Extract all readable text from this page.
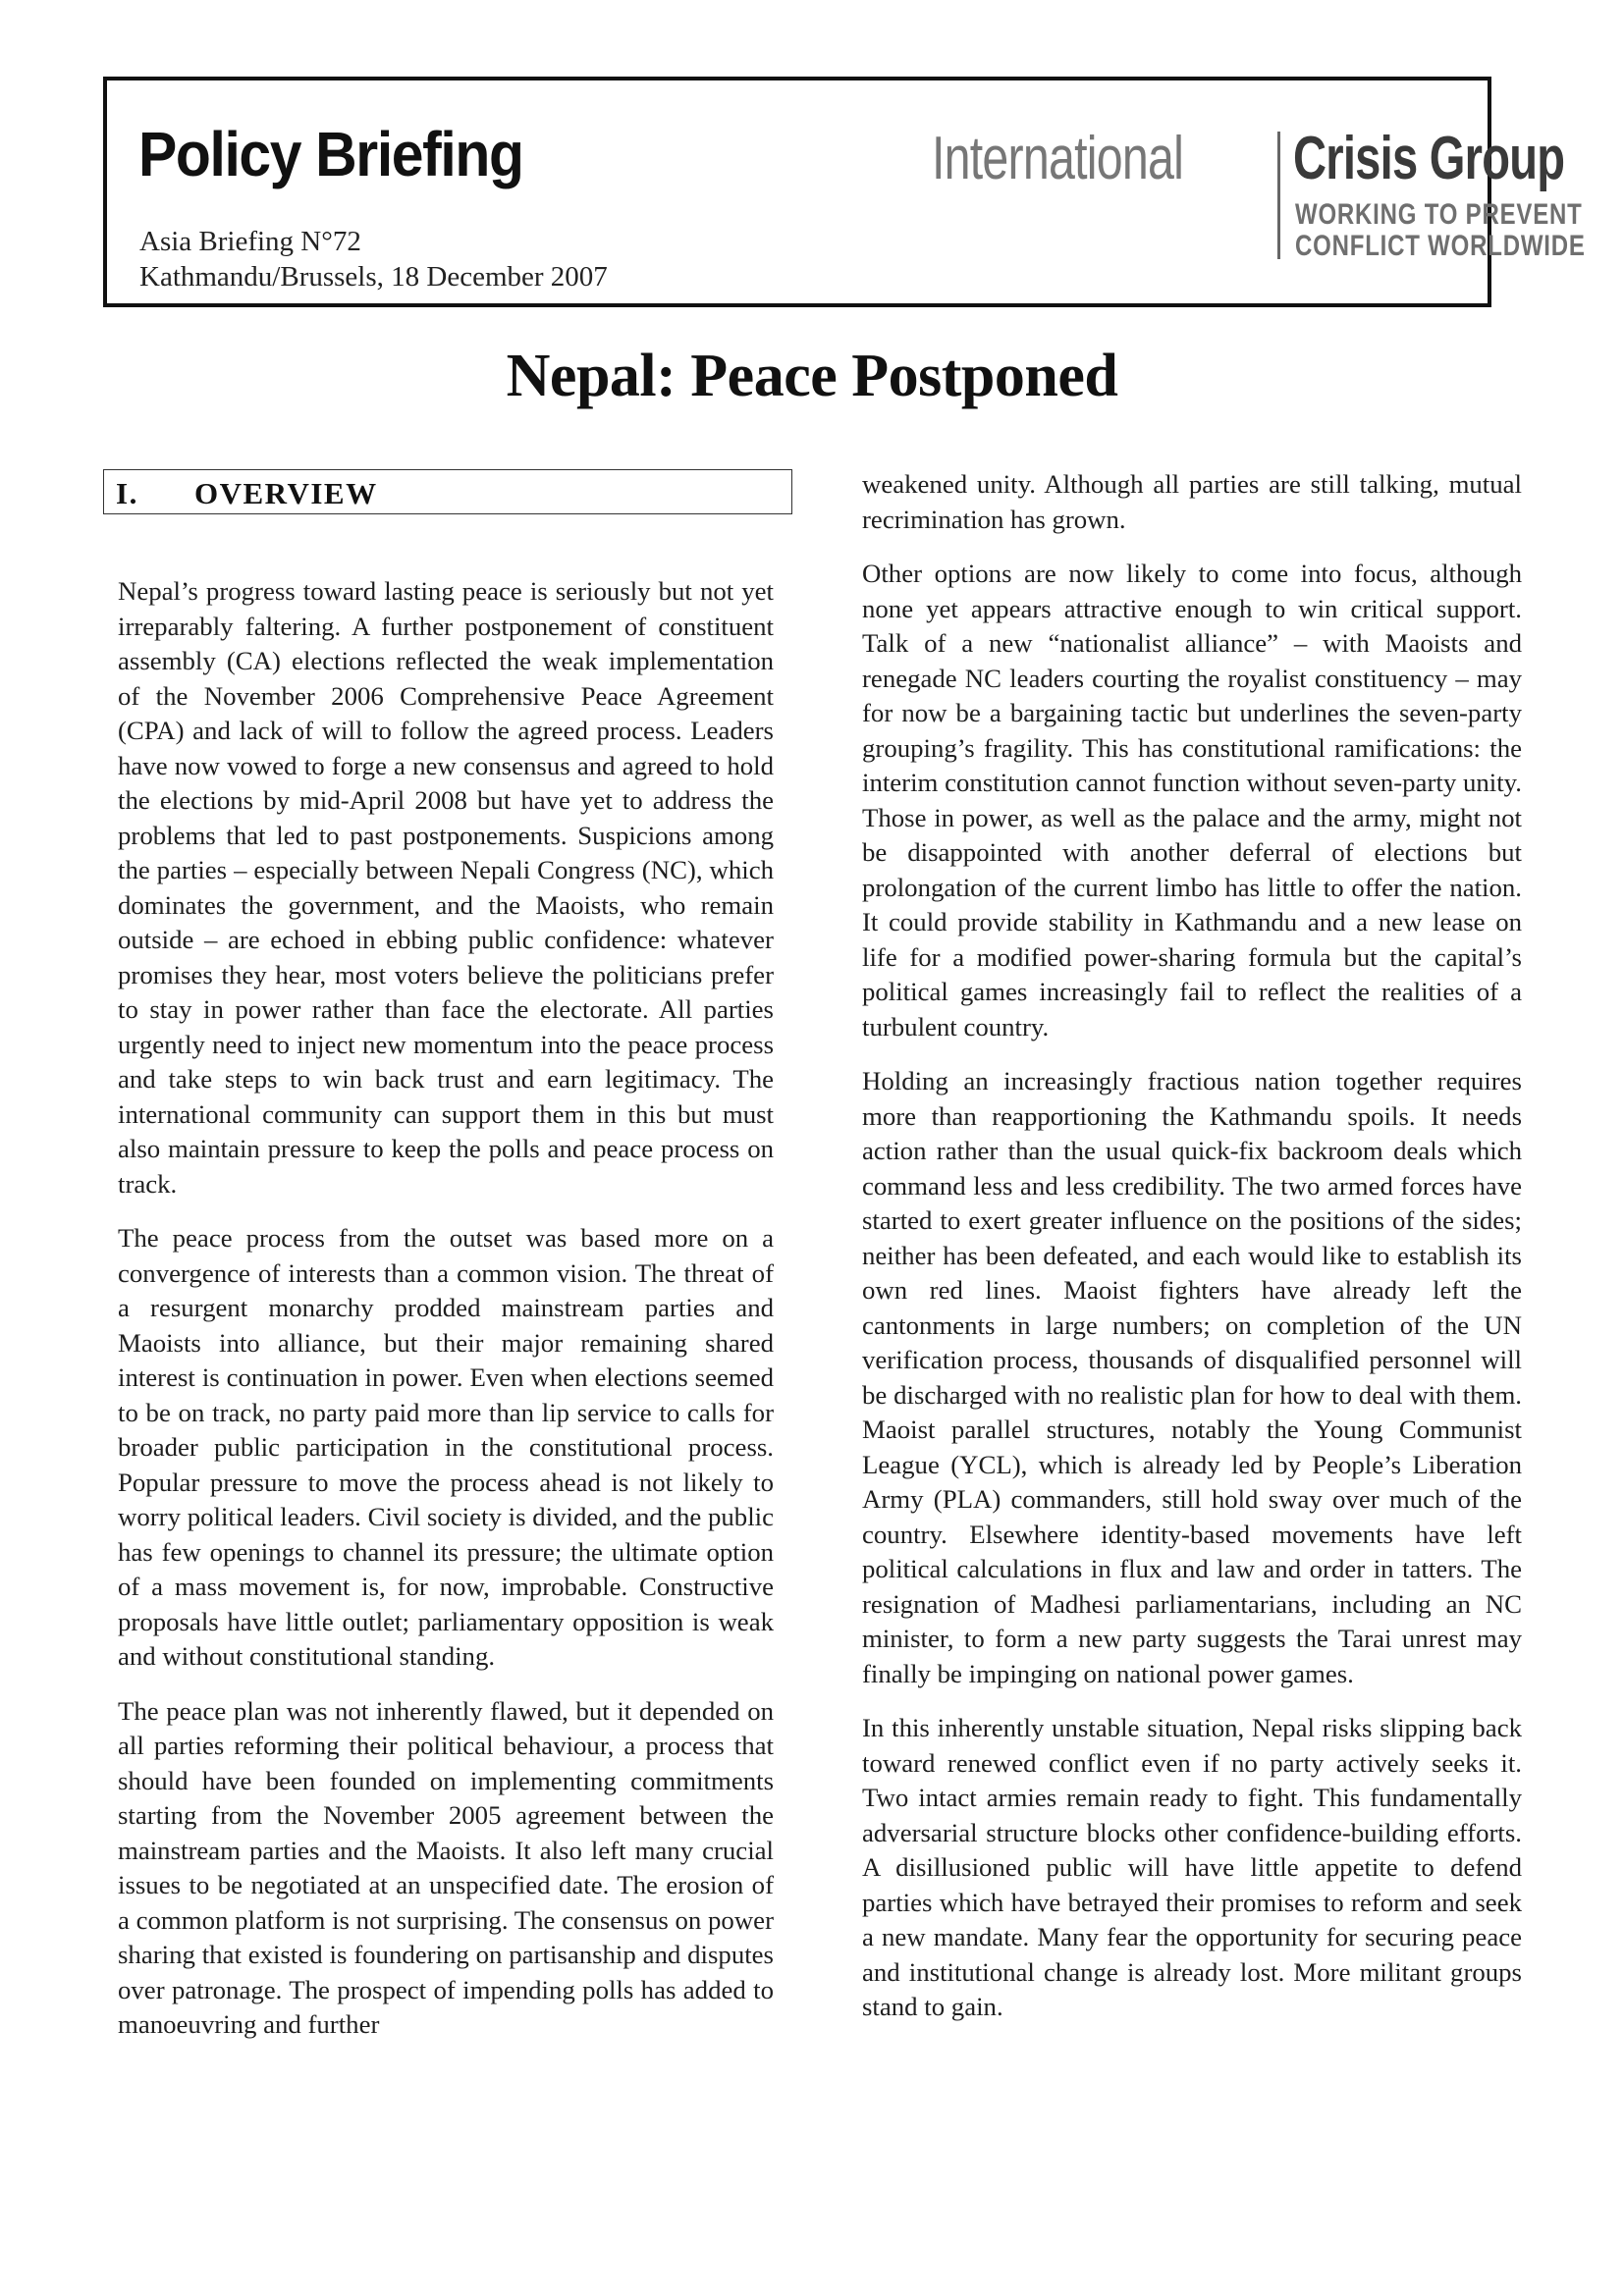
Policy Briefing
Asia Briefing N°72
Kathmandu/Brussels, 18 December 2007
International Crisis Group
WORKING TO PREVENT
CONFLICT WORLDWIDE
Nepal: Peace Postponed
I. OVERVIEW

Nepal’s progress toward lasting peace is seriously but not yet irreparably faltering. A further postponement of constituent assembly (CA) elections reflected the weak implementation of the November 2006 Comprehensive Peace Agreement (CPA) and lack of will to follow the agreed process. Leaders have now vowed to forge a new consensus and agreed to hold the elections by mid-April 2008 but have yet to address the problems that led to past postponements. Suspicions among the parties – especially between Nepali Congress (NC), which dominates the government, and the Maoists, who remain outside – are echoed in ebbing public confidence: whatever promises they hear, most voters believe the politicians prefer to stay in power rather than face the electorate. All parties urgently need to inject new momentum into the peace process and take steps to win back trust and earn legitimacy. The international community can support them in this but must also maintain pressure to keep the polls and peace process on track.

The peace process from the outset was based more on a convergence of interests than a common vision. The threat of a resurgent monarchy prodded mainstream parties and Maoists into alliance, but their major remaining shared interest is continuation in power. Even when elections seemed to be on track, no party paid more than lip service to calls for broader public participation in the constitutional process. Popular pressure to move the process ahead is not likely to worry political leaders. Civil society is divided, and the public has few openings to channel its pressure; the ultimate option of a mass movement is, for now, improbable. Constructive proposals have little outlet; parliamentary opposition is weak and without constitutional standing.

The peace plan was not inherently flawed, but it depended on all parties reforming their political behaviour, a process that should have been founded on implementing commitments starting from the November 2005 agreement between the mainstream parties and the Maoists. It also left many crucial issues to be negotiated at an unspecified date. The erosion of a common platform is not surprising. The consensus on power sharing that existed is foundering on partisanship and disputes over patronage. The prospect of impending polls has added to manoeuvring and further

weakened unity. Although all parties are still talking, mutual recrimination has grown.

Other options are now likely to come into focus, although none yet appears attractive enough to win critical support. Talk of a new “nationalist alliance” – with Maoists and renegade NC leaders courting the royalist constituency – may for now be a bargaining tactic but underlines the seven-party grouping’s fragility. This has constitutional ramifications: the interim constitution cannot function without seven-party unity. Those in power, as well as the palace and the army, might not be disappointed with another deferral of elections but prolongation of the current limbo has little to offer the nation. It could provide stability in Kathmandu and a new lease on life for a modified power-sharing formula but the capital’s political games increasingly fail to reflect the realities of a turbulent country.

Holding an increasingly fractious nation together requires more than reapportioning the Kathmandu spoils. It needs action rather than the usual quick-fix backroom deals which command less and less credibility. The two armed forces have started to exert greater influence on the positions of the sides; neither has been defeated, and each would like to establish its own red lines. Maoist fighters have already left the cantonments in large numbers; on completion of the UN verification process, thousands of disqualified personnel will be discharged with no realistic plan for how to deal with them. Maoist parallel structures, notably the Young Communist League (YCL), which is already led by People’s Liberation Army (PLA) commanders, still hold sway over much of the country. Elsewhere identity-based movements have left political calculations in flux and law and order in tatters. The resignation of Madhesi parliamentarians, including an NC minister, to form a new party suggests the Tarai unrest may finally be impinging on national power games.

In this inherently unstable situation, Nepal risks slipping back toward renewed conflict even if no party actively seeks it. Two intact armies remain ready to fight. This fundamentally adversarial structure blocks other confidence-building efforts. A disillusioned public will have little appetite to defend parties which have betrayed their promises to reform and seek a new mandate. Many fear the opportunity for securing peace and institutional change is already lost. More militant groups stand to gain.
